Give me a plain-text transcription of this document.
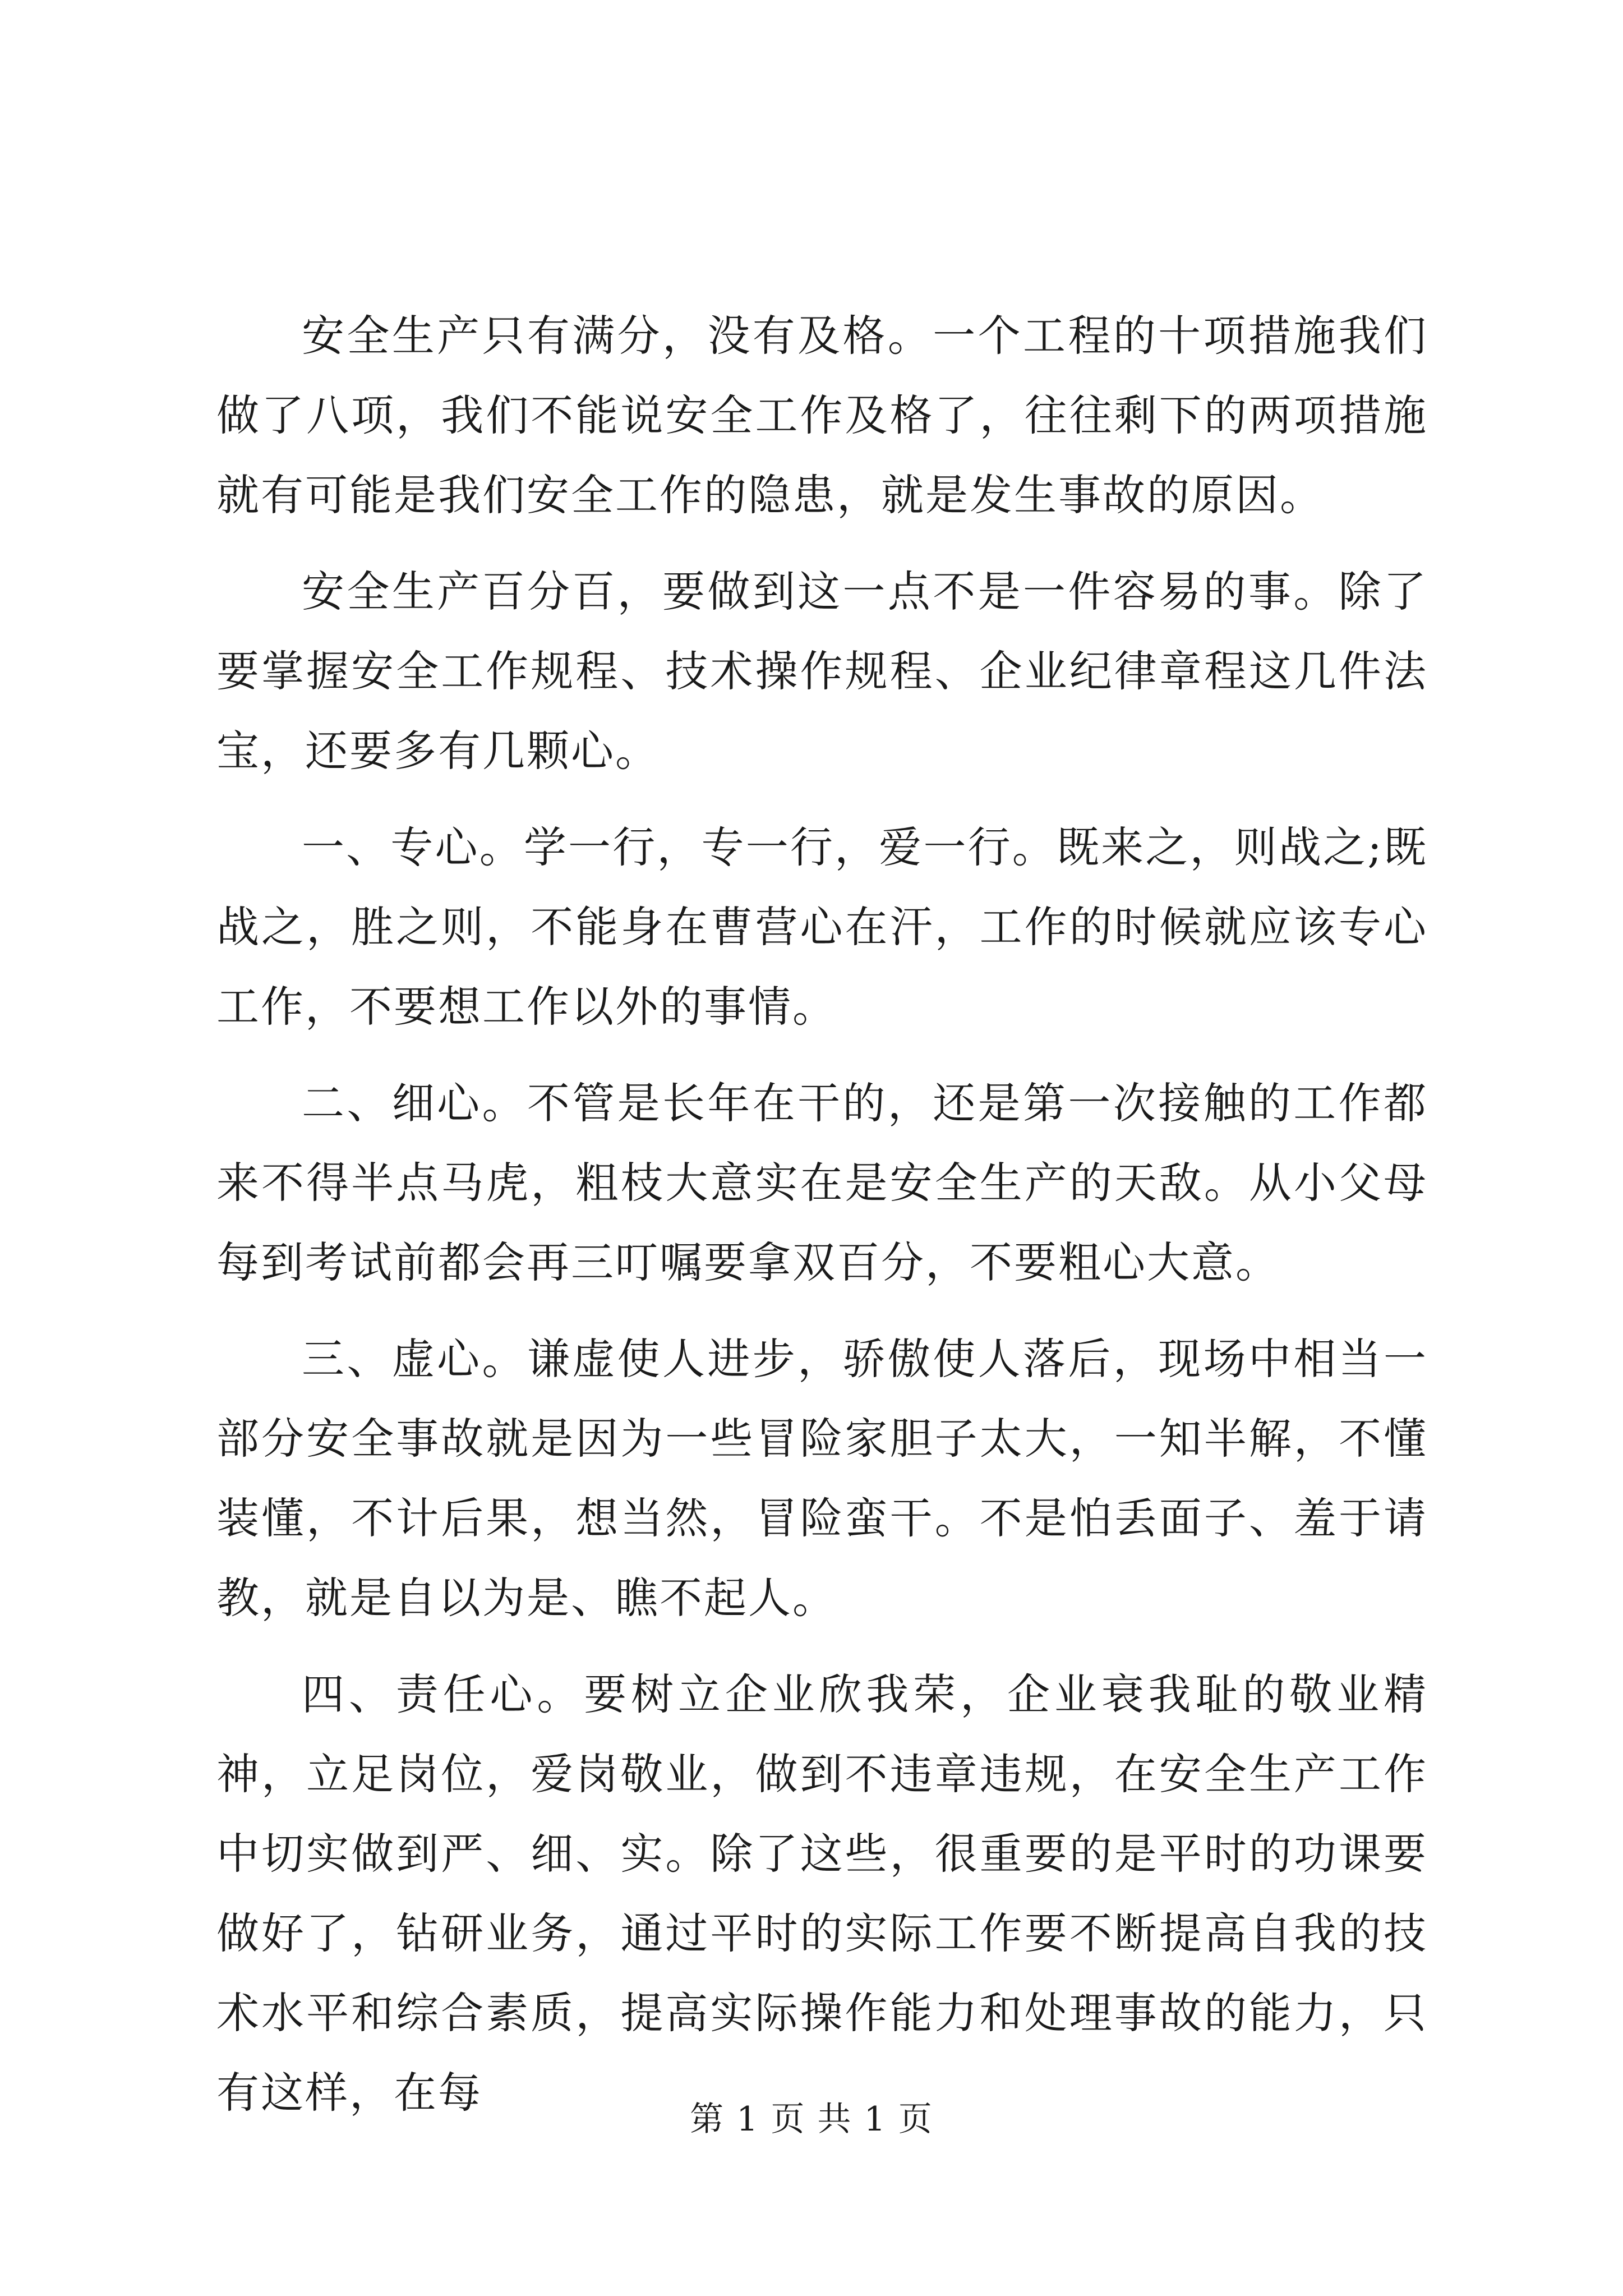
安全生产只有满分，没有及格。一个工程的十项措施我们做了八项，我们不能说安全工作及格了，往往剩下的两项措施就有可能是我们安全工作的隐患，就是发生事故的原因。

安全生产百分百，要做到这一点不是一件容易的事。除了要掌握安全工作规程、技术操作规程、企业纪律章程这几件法宝，还要多有几颗心。

一、专心。学一行，专一行，爱一行。既来之，则战之;既战之，胜之则，不能身在曹营心在汗，工作的时候就应该专心工作，不要想工作以外的事情。

二、细心。不管是长年在干的，还是第一次接触的工作都来不得半点马虎，粗枝大意实在是安全生产的天敌。从小父母每到考试前都会再三叮嘱要拿双百分，不要粗心大意。

三、虚心。谦虚使人进步，骄傲使人落后，现场中相当一部分安全事故就是因为一些冒险家胆子太大，一知半解，不懂装懂，不计后果，想当然，冒险蛮干。不是怕丢面子、羞于请教，就是自以为是、瞧不起人。

四、责任心。要树立企业欣我荣，企业衰我耻的敬业精神，立足岗位，爱岗敬业，做到不违章违规，在安全生产工作中切实做到严、细、实。除了这些，很重要的是平时的功课要做好了，钻研业务，通过平时的实际工作要不断提高自我的技术水平和综合素质，提高实际操作能力和处理事故的能力，只有这样，在每

第 1 页 共 1 页
